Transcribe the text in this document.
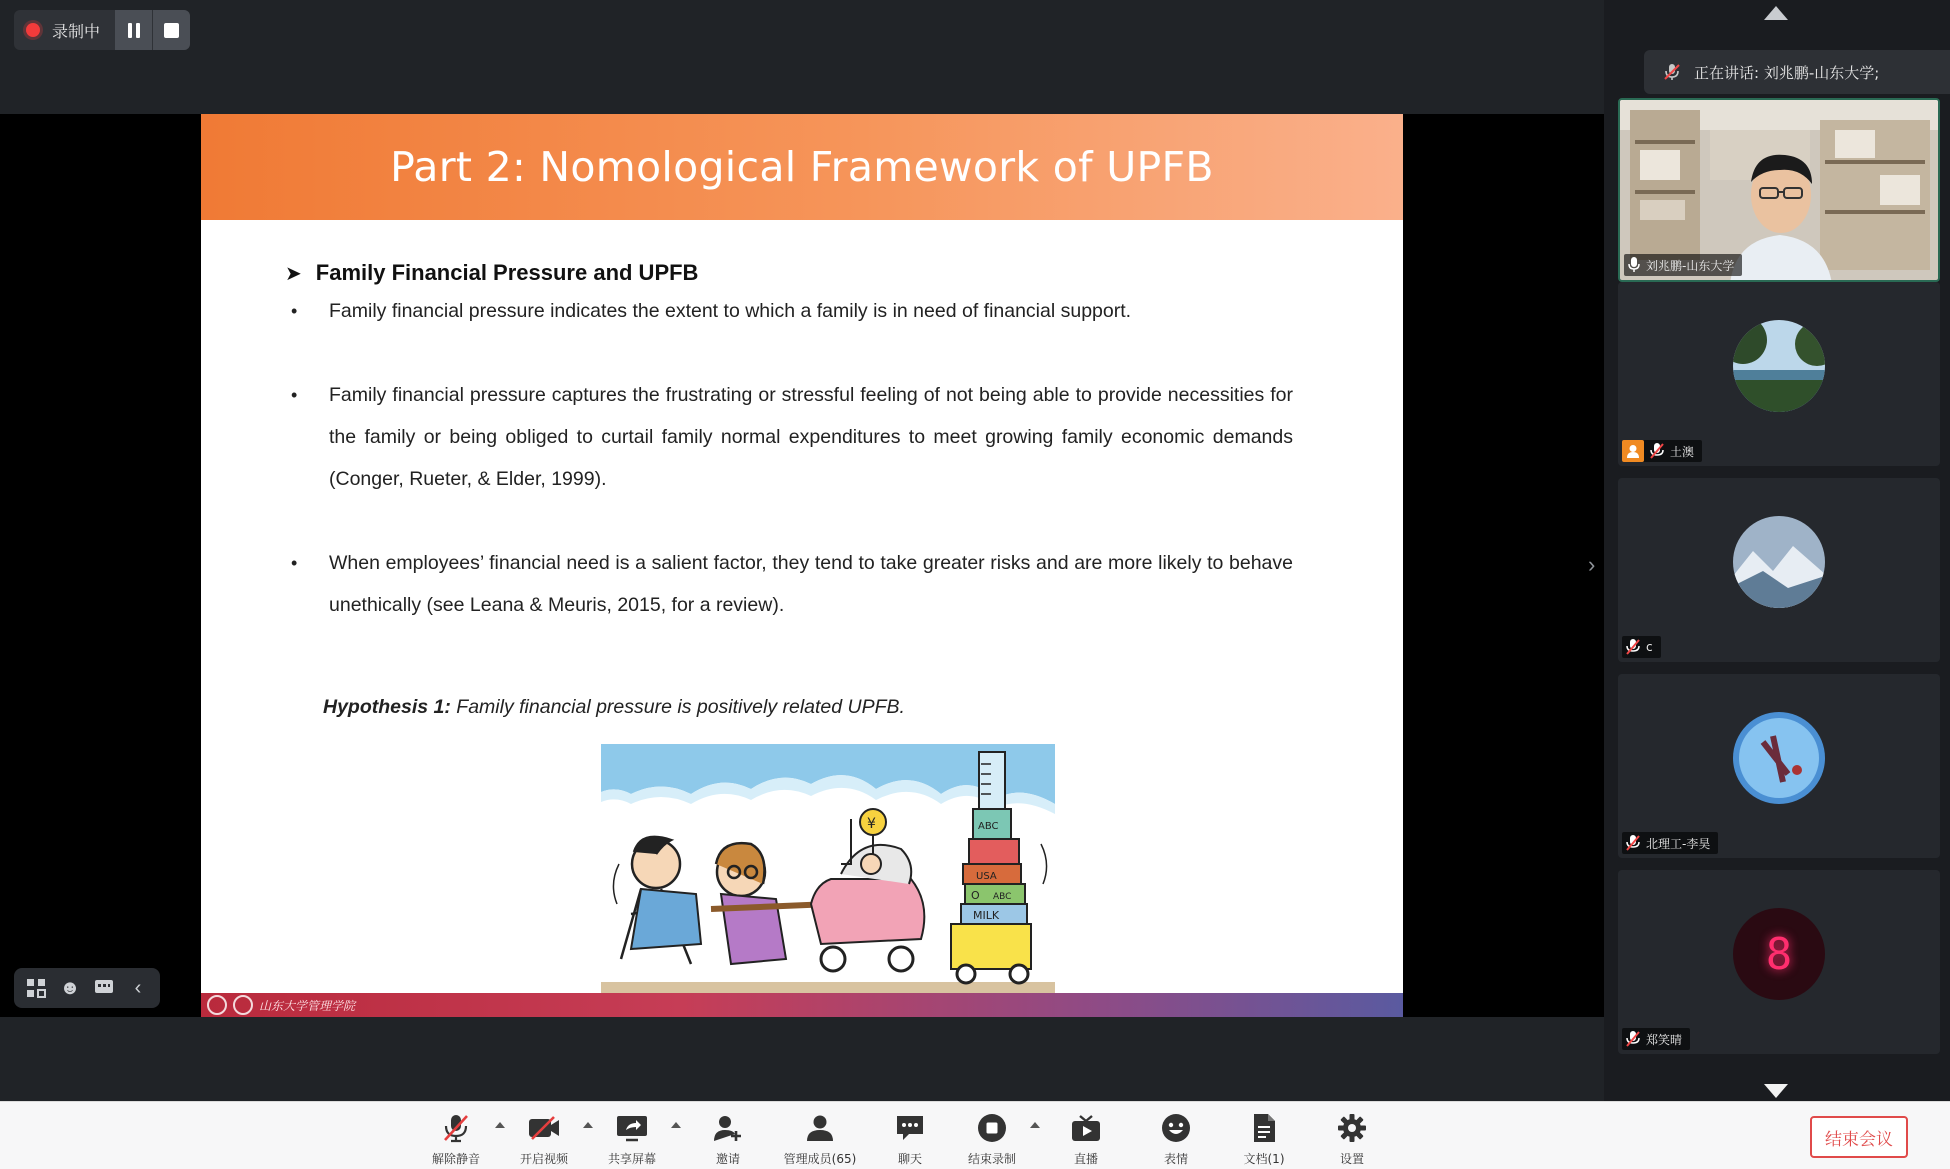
录制中
Part 2: Nomological Framework of UPFB
➤ Family Financial Pressure and UPFB

• Family financial pressure indicates the extent to which a family is in need of financial support.

• Family financial pressure captures the frustrating or stressful feeling of not being able to provide necessities for the family or being obliged to curtail family normal expenditures to meet growing family economic demands (Conger, Rueter, & Elder, 1999).

• When employees’ financial need is a salient factor, they tend to take greater risks and are more likely to behave unethically (see Leana & Meuris, 2015, for a review).

Hypothesis 1: Family financial pressure is positively related UPFB.

¥
MILK
O ABC
USA
ABC
山东大学管理学院
›
☻	‹
正在讲话: 刘兆鹏-山东大学;
刘兆鹏-山东大学
土澳
c
北理工-李昊
8
郑笑晴
解除静音	开启视频	共享屏幕	邀请	管理成员(65)	聊天	结束录制	直播	表情	文档(1)	设置
结束会议
